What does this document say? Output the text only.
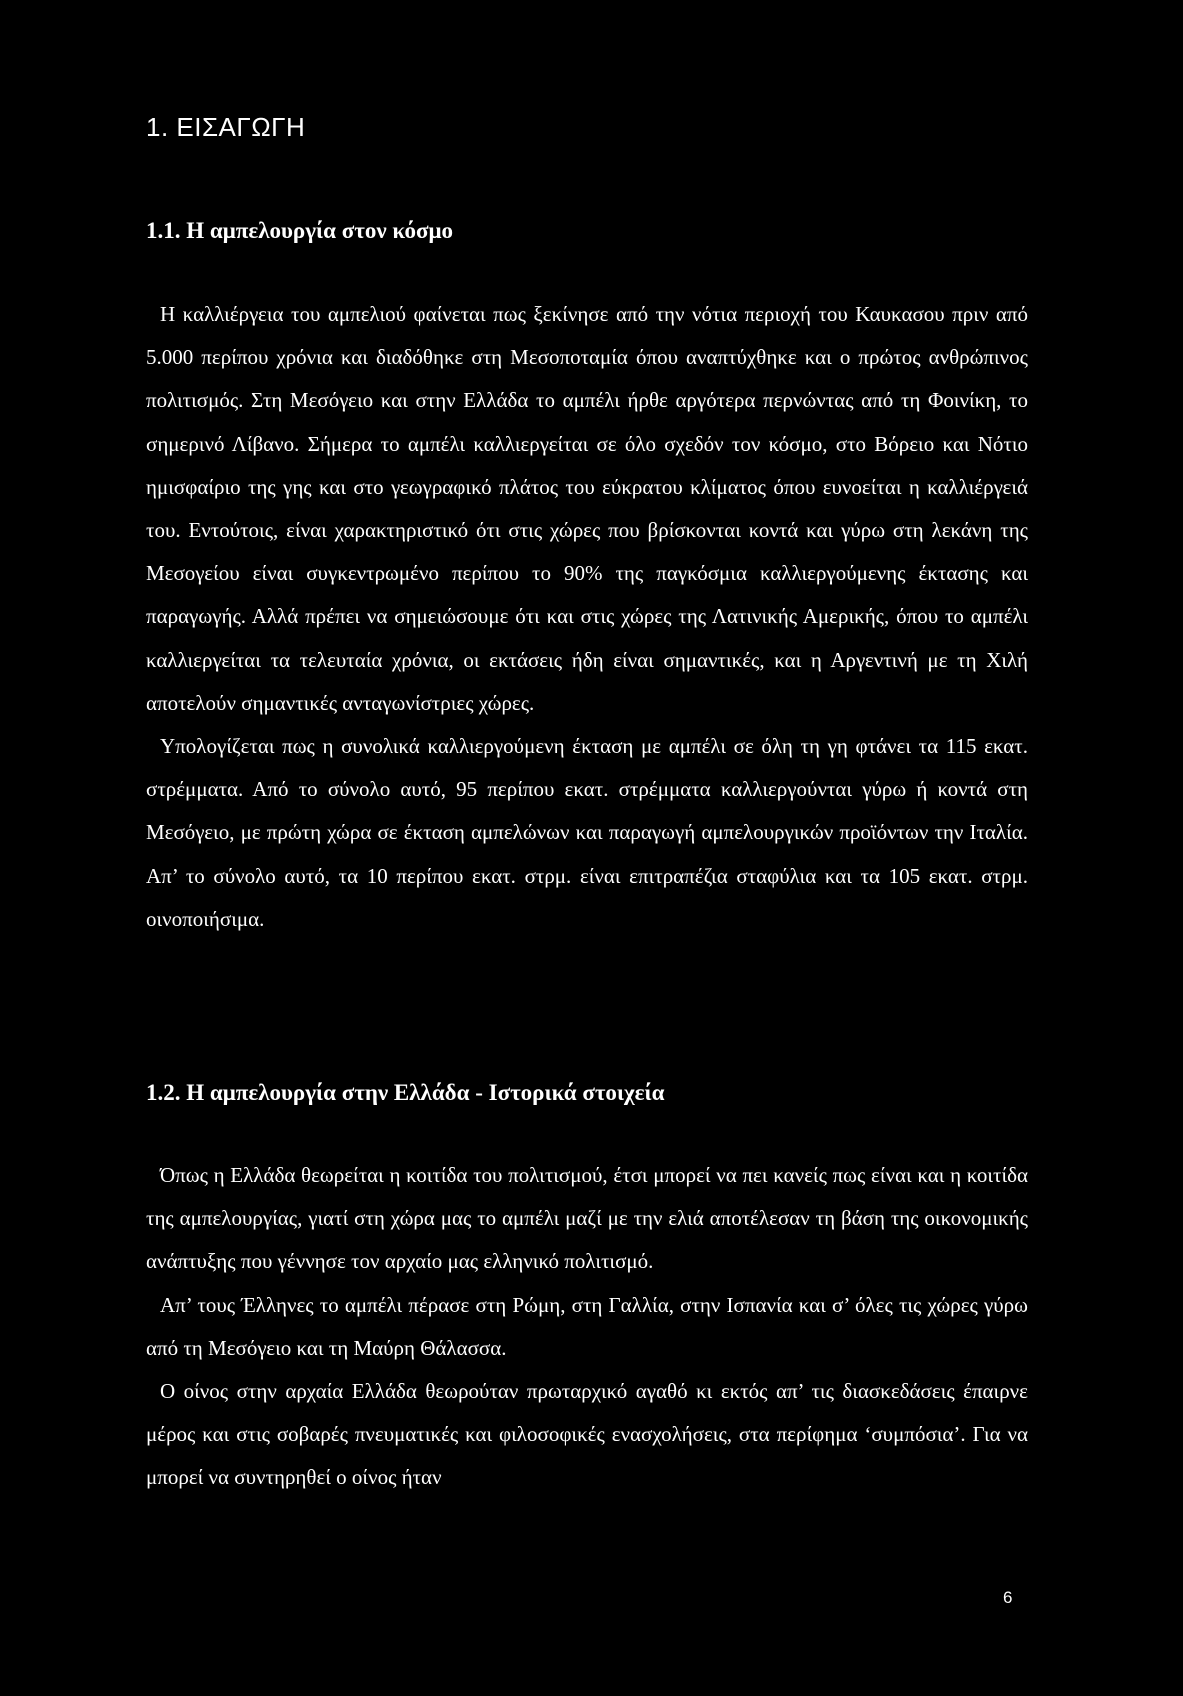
1. ΕΙΣΑΓΩΓΗ
1.1. Η αμπελουργία στον κόσμο

Η καλλιέργεια του αμπελιού φαίνεται πως ξεκίνησε από την νότια περιοχή του Καυκασου πριν από 5.000 περίπου χρόνια και διαδόθηκε στη Μεσοποταμία όπου αναπτύχθηκε και ο πρώτος ανθρώπινος πολιτισμός. Στη Μεσόγειο και στην Ελλάδα το αμπέλι ήρθε αργότερα περνώντας από τη Φοινίκη, το σημερινό Λίβανο. Σήμερα το αμπέλι καλλιεργείται σε όλο σχεδόν τον κόσμο, στο Βόρειο και Νότιο ημισφαίριο της γης και στο γεωγραφικό πλάτος του εύκρατου κλίματος όπου ευνοείται η καλλιέργειά του. Εντούτοις, είναι χαρακτηριστικό ότι στις χώρες που βρίσκονται κοντά και γύρω στη λεκάνη της Μεσογείου είναι συγκεντρωμένο περίπου το 90% της παγκόσμια καλλιεργούμενης έκτασης και παραγωγής. Αλλά πρέπει να σημειώσουμε ότι και στις χώρες της Λατινικής Αμερικής, όπου το αμπέλι καλλιεργείται τα τελευταία χρόνια, οι εκτάσεις ήδη είναι σημαντικές, και η Αργεντινή με τη Χιλή αποτελούν σημαντικές ανταγωνίστριες χώρες.

Υπολογίζεται πως η συνολικά καλλιεργούμενη έκταση με αμπέλι σε όλη τη γη φτάνει τα 115 εκατ. στρέμματα. Από το σύνολο αυτό, 95 περίπου εκατ. στρέμματα καλλιεργούνται γύρω ή κοντά στη Μεσόγειο, με πρώτη χώρα σε έκταση αμπελώνων και παραγωγή αμπελουργικών προϊόντων την Ιταλία. Απ’ το σύνολο αυτό, τα 10 περίπου εκατ. στρμ. είναι επιτραπέζια σταφύλια και τα 105 εκατ. στρμ. οινοποιήσιμα.

1.2. Η αμπελουργία στην Ελλάδα - Ιστορικά στοιχεία

Όπως η Ελλάδα θεωρείται η κοιτίδα του πολιτισμού, έτσι μπορεί να πει κανείς πως είναι και η κοιτίδα της αμπελουργίας, γιατί στη χώρα μας το αμπέλι μαζί με την ελιά αποτέλεσαν τη βάση της οικονομικής ανάπτυξης που γέννησε τον αρχαίο μας ελληνικό πολιτισμό.

Απ’ τους Έλληνες το αμπέλι πέρασε στη Ρώμη, στη Γαλλία, στην Ισπανία και σ’ όλες τις χώρες γύρω από τη Μεσόγειο και τη Μαύρη Θάλασσα.

Ο οίνος στην αρχαία Ελλάδα θεωρούταν πρωταρχικό αγαθό κι εκτός απ’ τις διασκεδάσεις έπαιρνε μέρος και στις σοβαρές πνευματικές και φιλοσοφικές ενασχολήσεις, στα περίφημα ‘συμπόσια’. Για να μπορεί να συντηρηθεί ο οίνος ήταν

6
